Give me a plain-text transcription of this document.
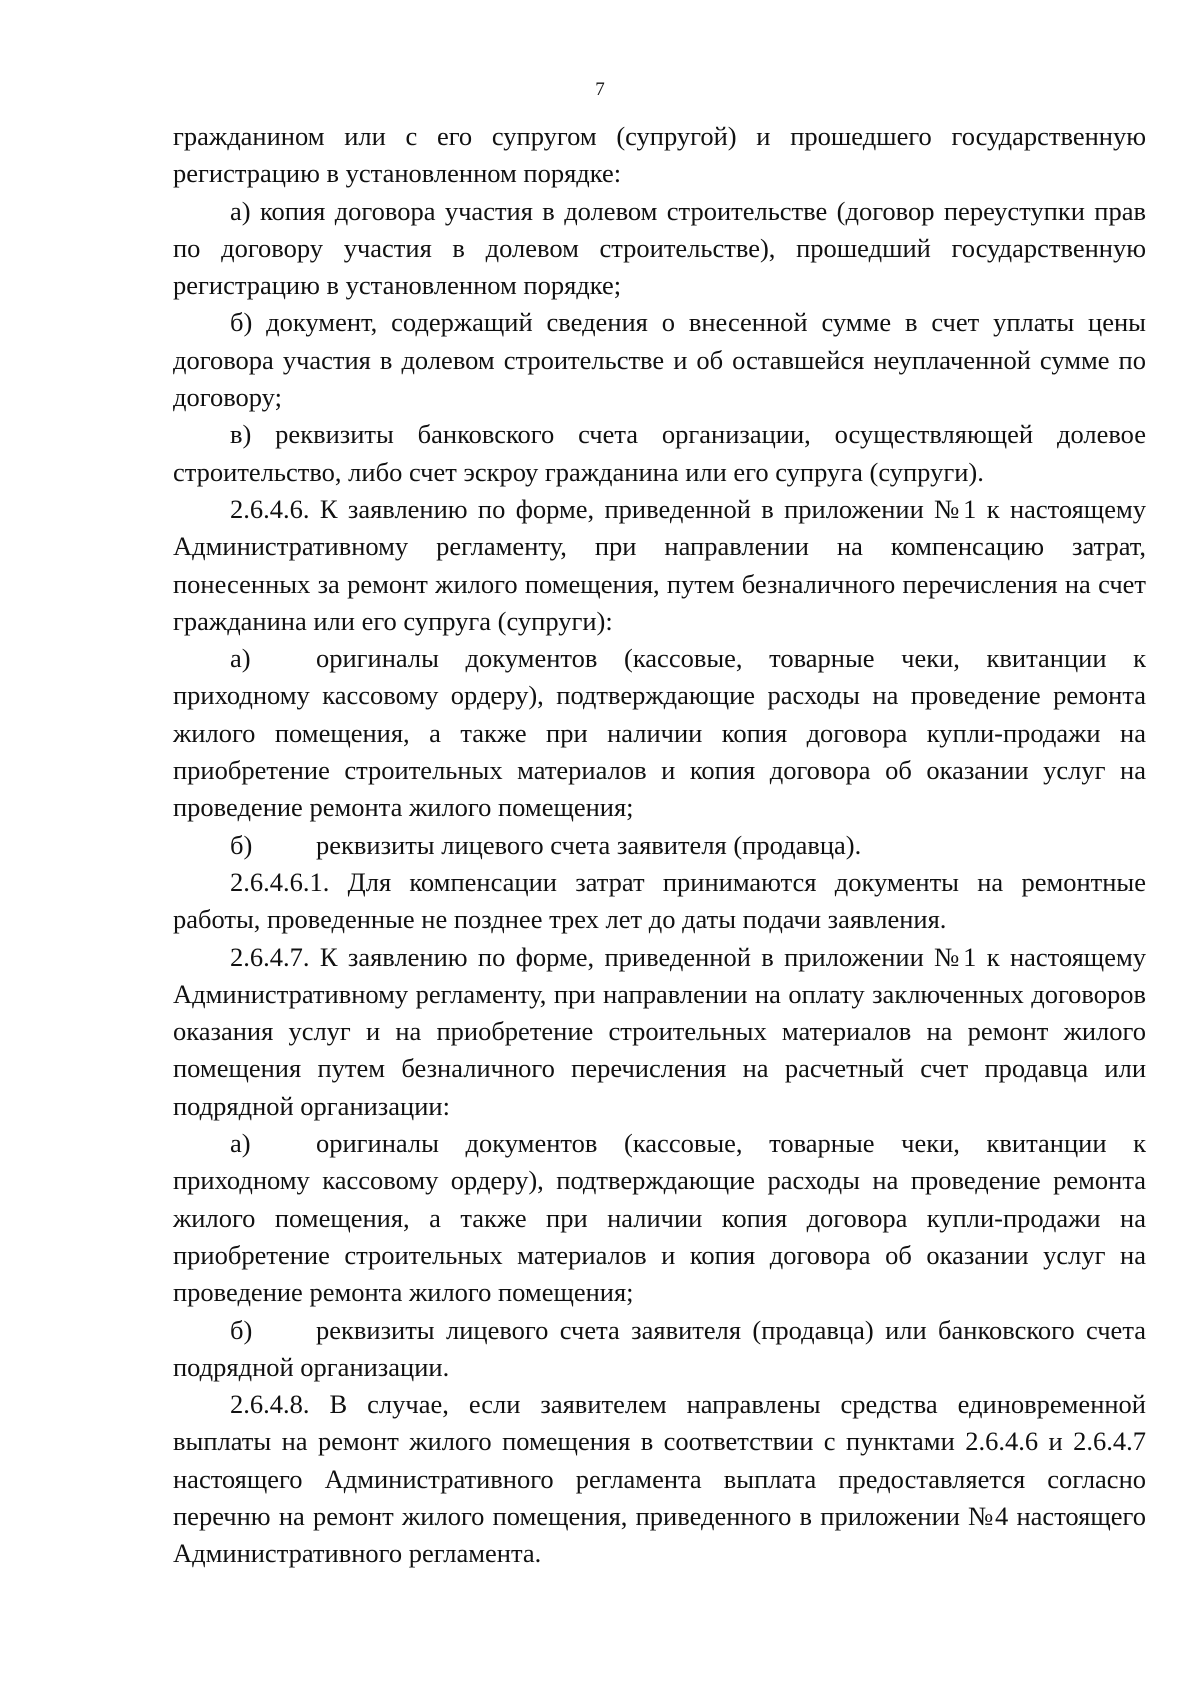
7

гражданином или с его супругом (супругой) и прошедшего государственную регистрацию в установленном порядке:

а) копия договора участия в долевом строительстве (договор переуступки прав по договору участия в долевом строительстве), прошедший государственную регистрацию в установленном порядке;

б) документ, содержащий сведения о внесенной сумме в счет уплаты цены договора участия в долевом строительстве и об оставшейся неуплаченной сумме по договору;

в) реквизиты банковского счета организации, осуществляющей долевое строительство, либо счет эскроу гражданина или его супруга (супруги).

2.6.4.6. К заявлению по форме, приведенной в приложении №1 к настоящему Административному регламенту, при направлении на компенсацию затрат, понесенных за ремонт жилого помещения, путем безналичного перечисления на счет гражданина или его супруга (супруги):

а) оригиналы документов (кассовые, товарные чеки, квитанции к приходному кассовому ордеру), подтверждающие расходы на проведение ремонта жилого помещения, а также при наличии копия договора купли-продажи на приобретение строительных материалов и копия договора об оказании услуг на проведение ремонта жилого помещения;

б) реквизиты лицевого счета заявителя (продавца).

2.6.4.6.1. Для компенсации затрат принимаются документы на ремонтные работы, проведенные не позднее трех лет до даты подачи заявления.

2.6.4.7. К заявлению по форме, приведенной в приложении №1 к настоящему Административному регламенту, при направлении на оплату заключенных договоров оказания услуг и на приобретение строительных материалов на ремонт жилого помещения путем безналичного перечисления на расчетный счет продавца или подрядной организации:

а) оригиналы документов (кассовые, товарные чеки, квитанции к приходному кассовому ордеру), подтверждающие расходы на проведение ремонта жилого помещения, а также при наличии копия договора купли-продажи на приобретение строительных материалов и копия договора об оказании услуг на проведение ремонта жилого помещения;

б) реквизиты лицевого счета заявителя (продавца) или банковского счета подрядной организации.

2.6.4.8. В случае, если заявителем направлены средства единовременной выплаты на ремонт жилого помещения в соответствии с пунктами 2.6.4.6 и 2.6.4.7 настоящего Административного регламента выплата предоставляется согласно перечню на ремонт жилого помещения, приведенного в приложении №4 настоящего Административного регламента.
